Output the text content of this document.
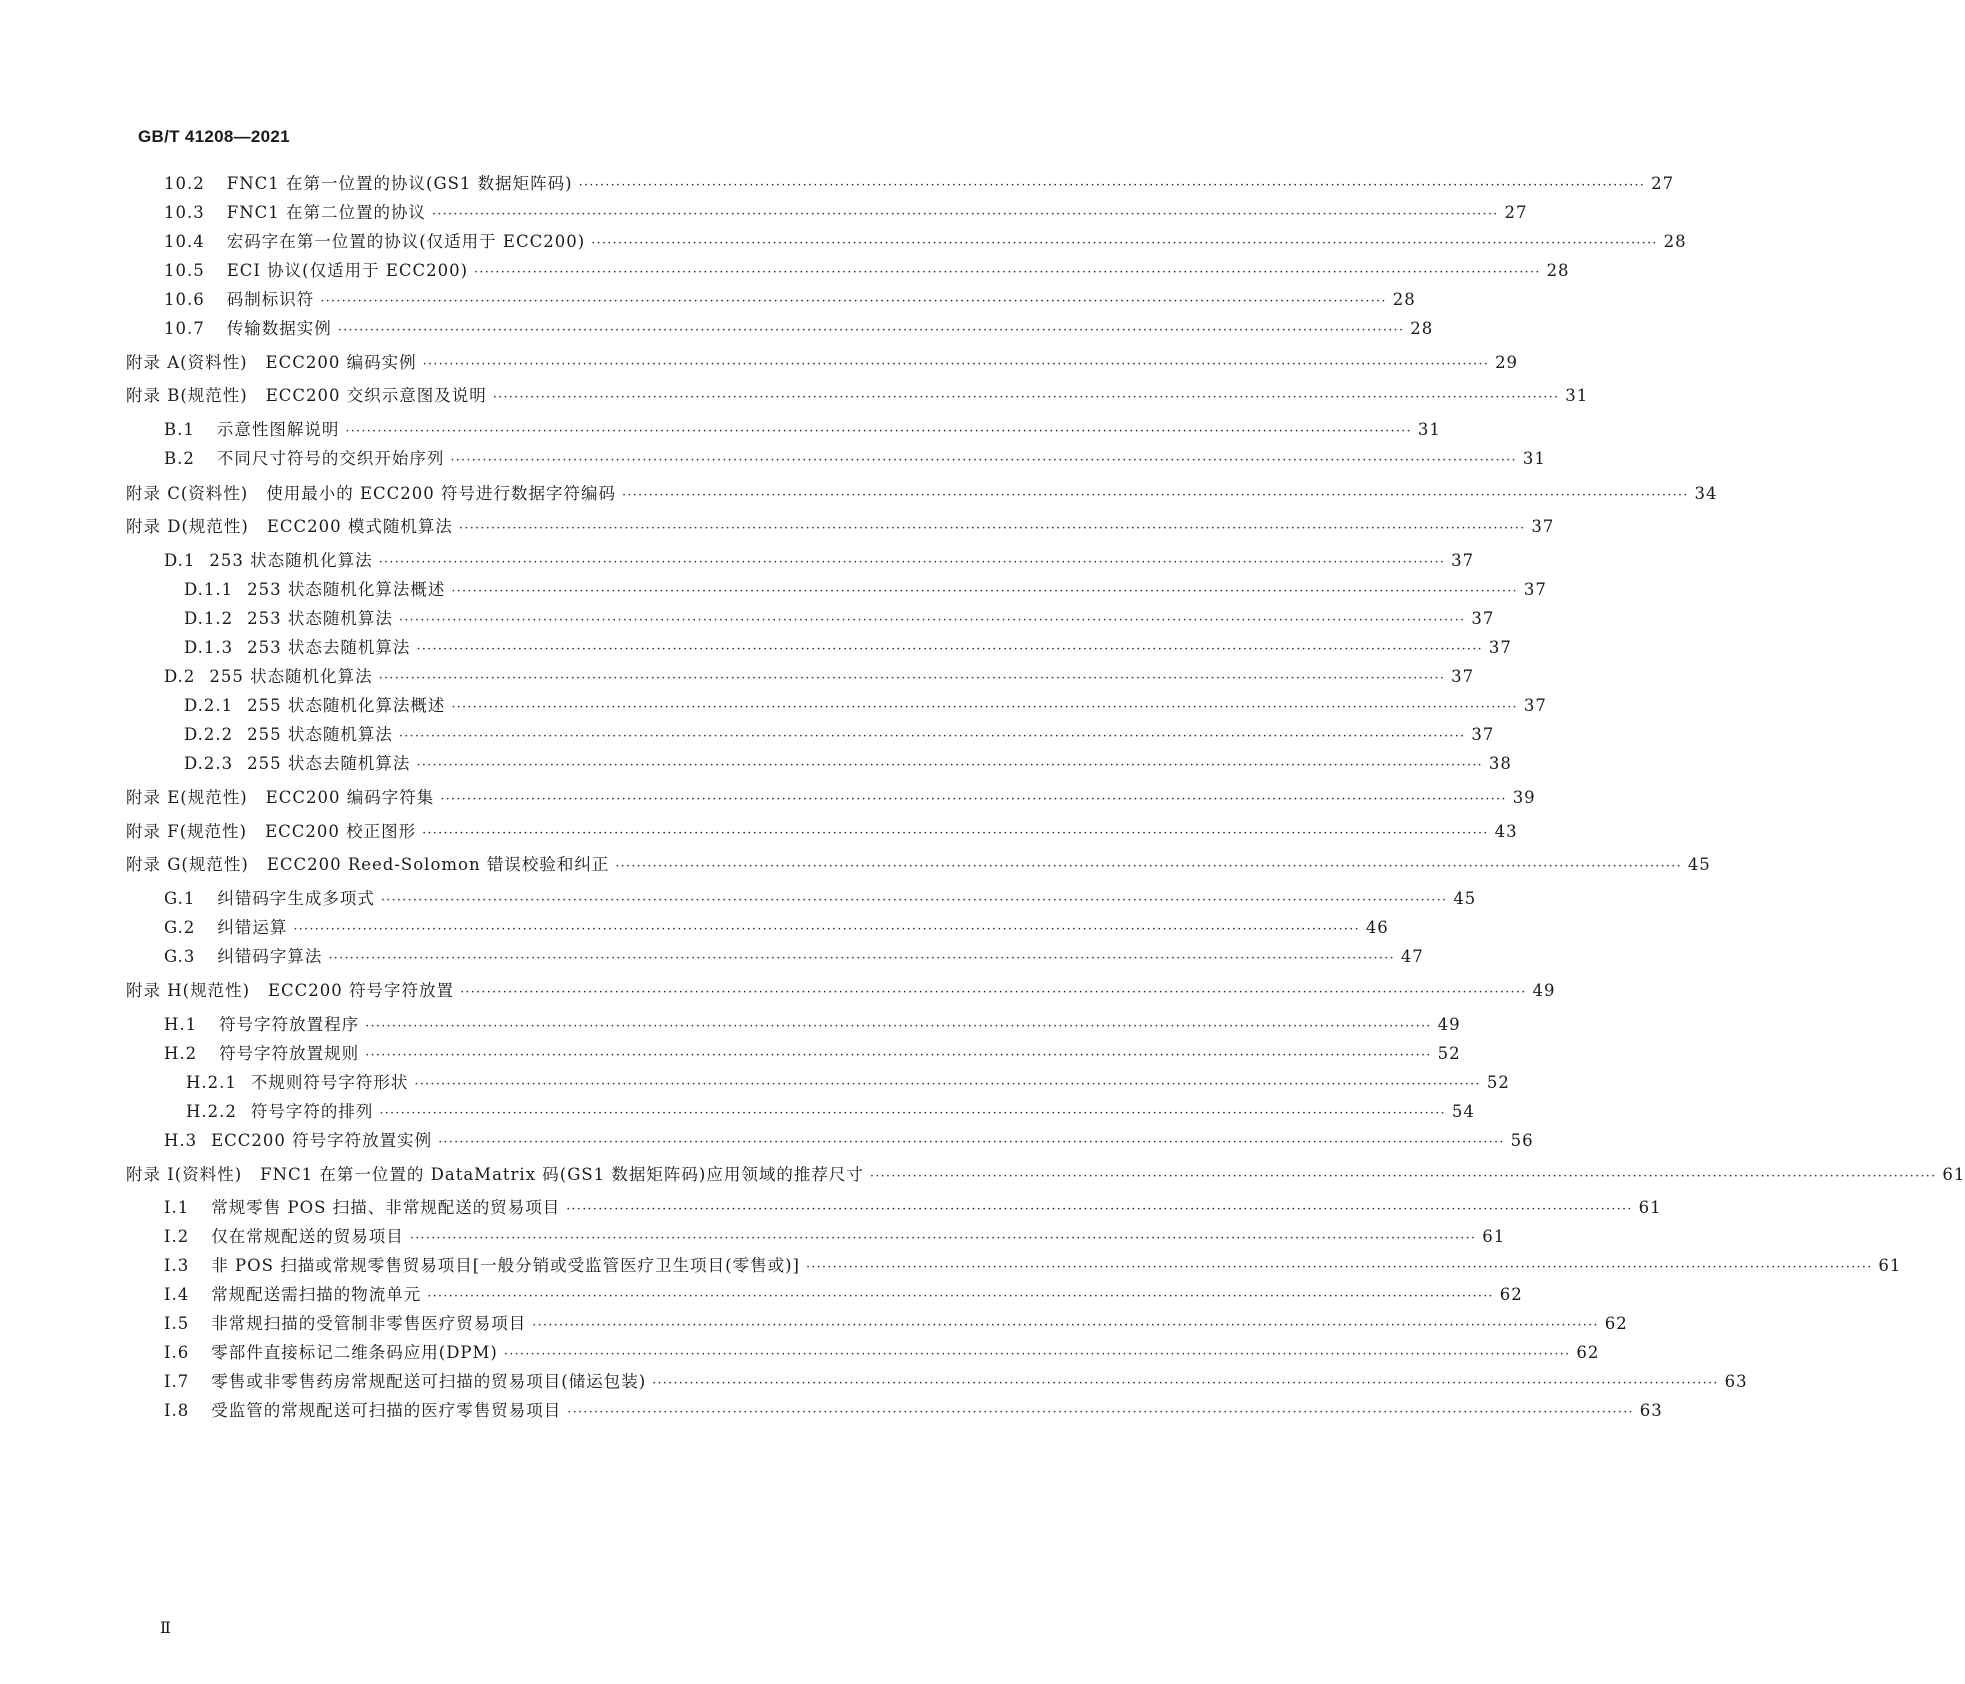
GB/T 41208—2021
10.2 FNC1 在第一位置的协议(GS1 数据矩阵码) ········································································································································································································ 27
10.3 FNC1 在第二位置的协议 ········································································································································································································ 27
10.4 宏码字在第一位置的协议(仅适用于 ECC200) ········································································································································································································ 28
10.5 ECI 协议(仅适用于 ECC200) ········································································································································································································ 28
10.6 码制标识符 ········································································································································································································ 28
10.7 传输数据实例 ········································································································································································································ 28
附录 A(资料性) ECC200 编码实例 ········································································································································································································ 29
附录 B(规范性) ECC200 交织示意图及说明 ········································································································································································································ 31
B.1 示意性图解说明 ········································································································································································································ 31
B.2 不同尺寸符号的交织开始序列 ········································································································································································································ 31
附录 C(资料性) 使用最小的 ECC200 符号进行数据字符编码 ········································································································································································································ 34
附录 D(规范性) ECC200 模式随机算法 ········································································································································································································ 37
D.1 253 状态随机化算法 ········································································································································································································ 37
D.1.1 253 状态随机化算法概述 ········································································································································································································ 37
D.1.2 253 状态随机算法 ········································································································································································································ 37
D.1.3 253 状态去随机算法 ········································································································································································································ 37
D.2 255 状态随机化算法 ········································································································································································································ 37
D.2.1 255 状态随机化算法概述 ········································································································································································································ 37
D.2.2 255 状态随机算法 ········································································································································································································ 37
D.2.3 255 状态去随机算法 ········································································································································································································ 38
附录 E(规范性) ECC200 编码字符集 ········································································································································································································ 39
附录 F(规范性) ECC200 校正图形 ········································································································································································································ 43
附录 G(规范性) ECC200 Reed-Solomon 错误校验和纠正 ········································································································································································································ 45
G.1 纠错码字生成多项式 ········································································································································································································ 45
G.2 纠错运算 ········································································································································································································ 46
G.3 纠错码字算法 ········································································································································································································ 47
附录 H(规范性) ECC200 符号字符放置 ········································································································································································································ 49
H.1 符号字符放置程序 ········································································································································································································ 49
H.2 符号字符放置规则 ········································································································································································································ 52
H.2.1 不规则符号字符形状 ········································································································································································································ 52
H.2.2 符号字符的排列 ········································································································································································································ 54
H.3 ECC200 符号字符放置实例 ········································································································································································································ 56
附录 I(资料性) FNC1 在第一位置的 DataMatrix 码(GS1 数据矩阵码)应用领域的推荐尺寸 ········································································································································································································ 61
I.1 常规零售 POS 扫描、非常规配送的贸易项目 ········································································································································································································ 61
I.2 仅在常规配送的贸易项目 ········································································································································································································ 61
I.3 非 POS 扫描或常规零售贸易项目[一般分销或受监管医疗卫生项目(零售或)] ········································································································································································································ 61
I.4 常规配送需扫描的物流单元 ········································································································································································································ 62
I.5 非常规扫描的受管制非零售医疗贸易项目 ········································································································································································································ 62
I.6 零部件直接标记二维条码应用(DPM) ········································································································································································································ 62
I.7 零售或非零售药房常规配送可扫描的贸易项目(储运包装) ········································································································································································································ 63
I.8 受监管的常规配送可扫描的医疗零售贸易项目 ········································································································································································································ 63
Ⅱ
